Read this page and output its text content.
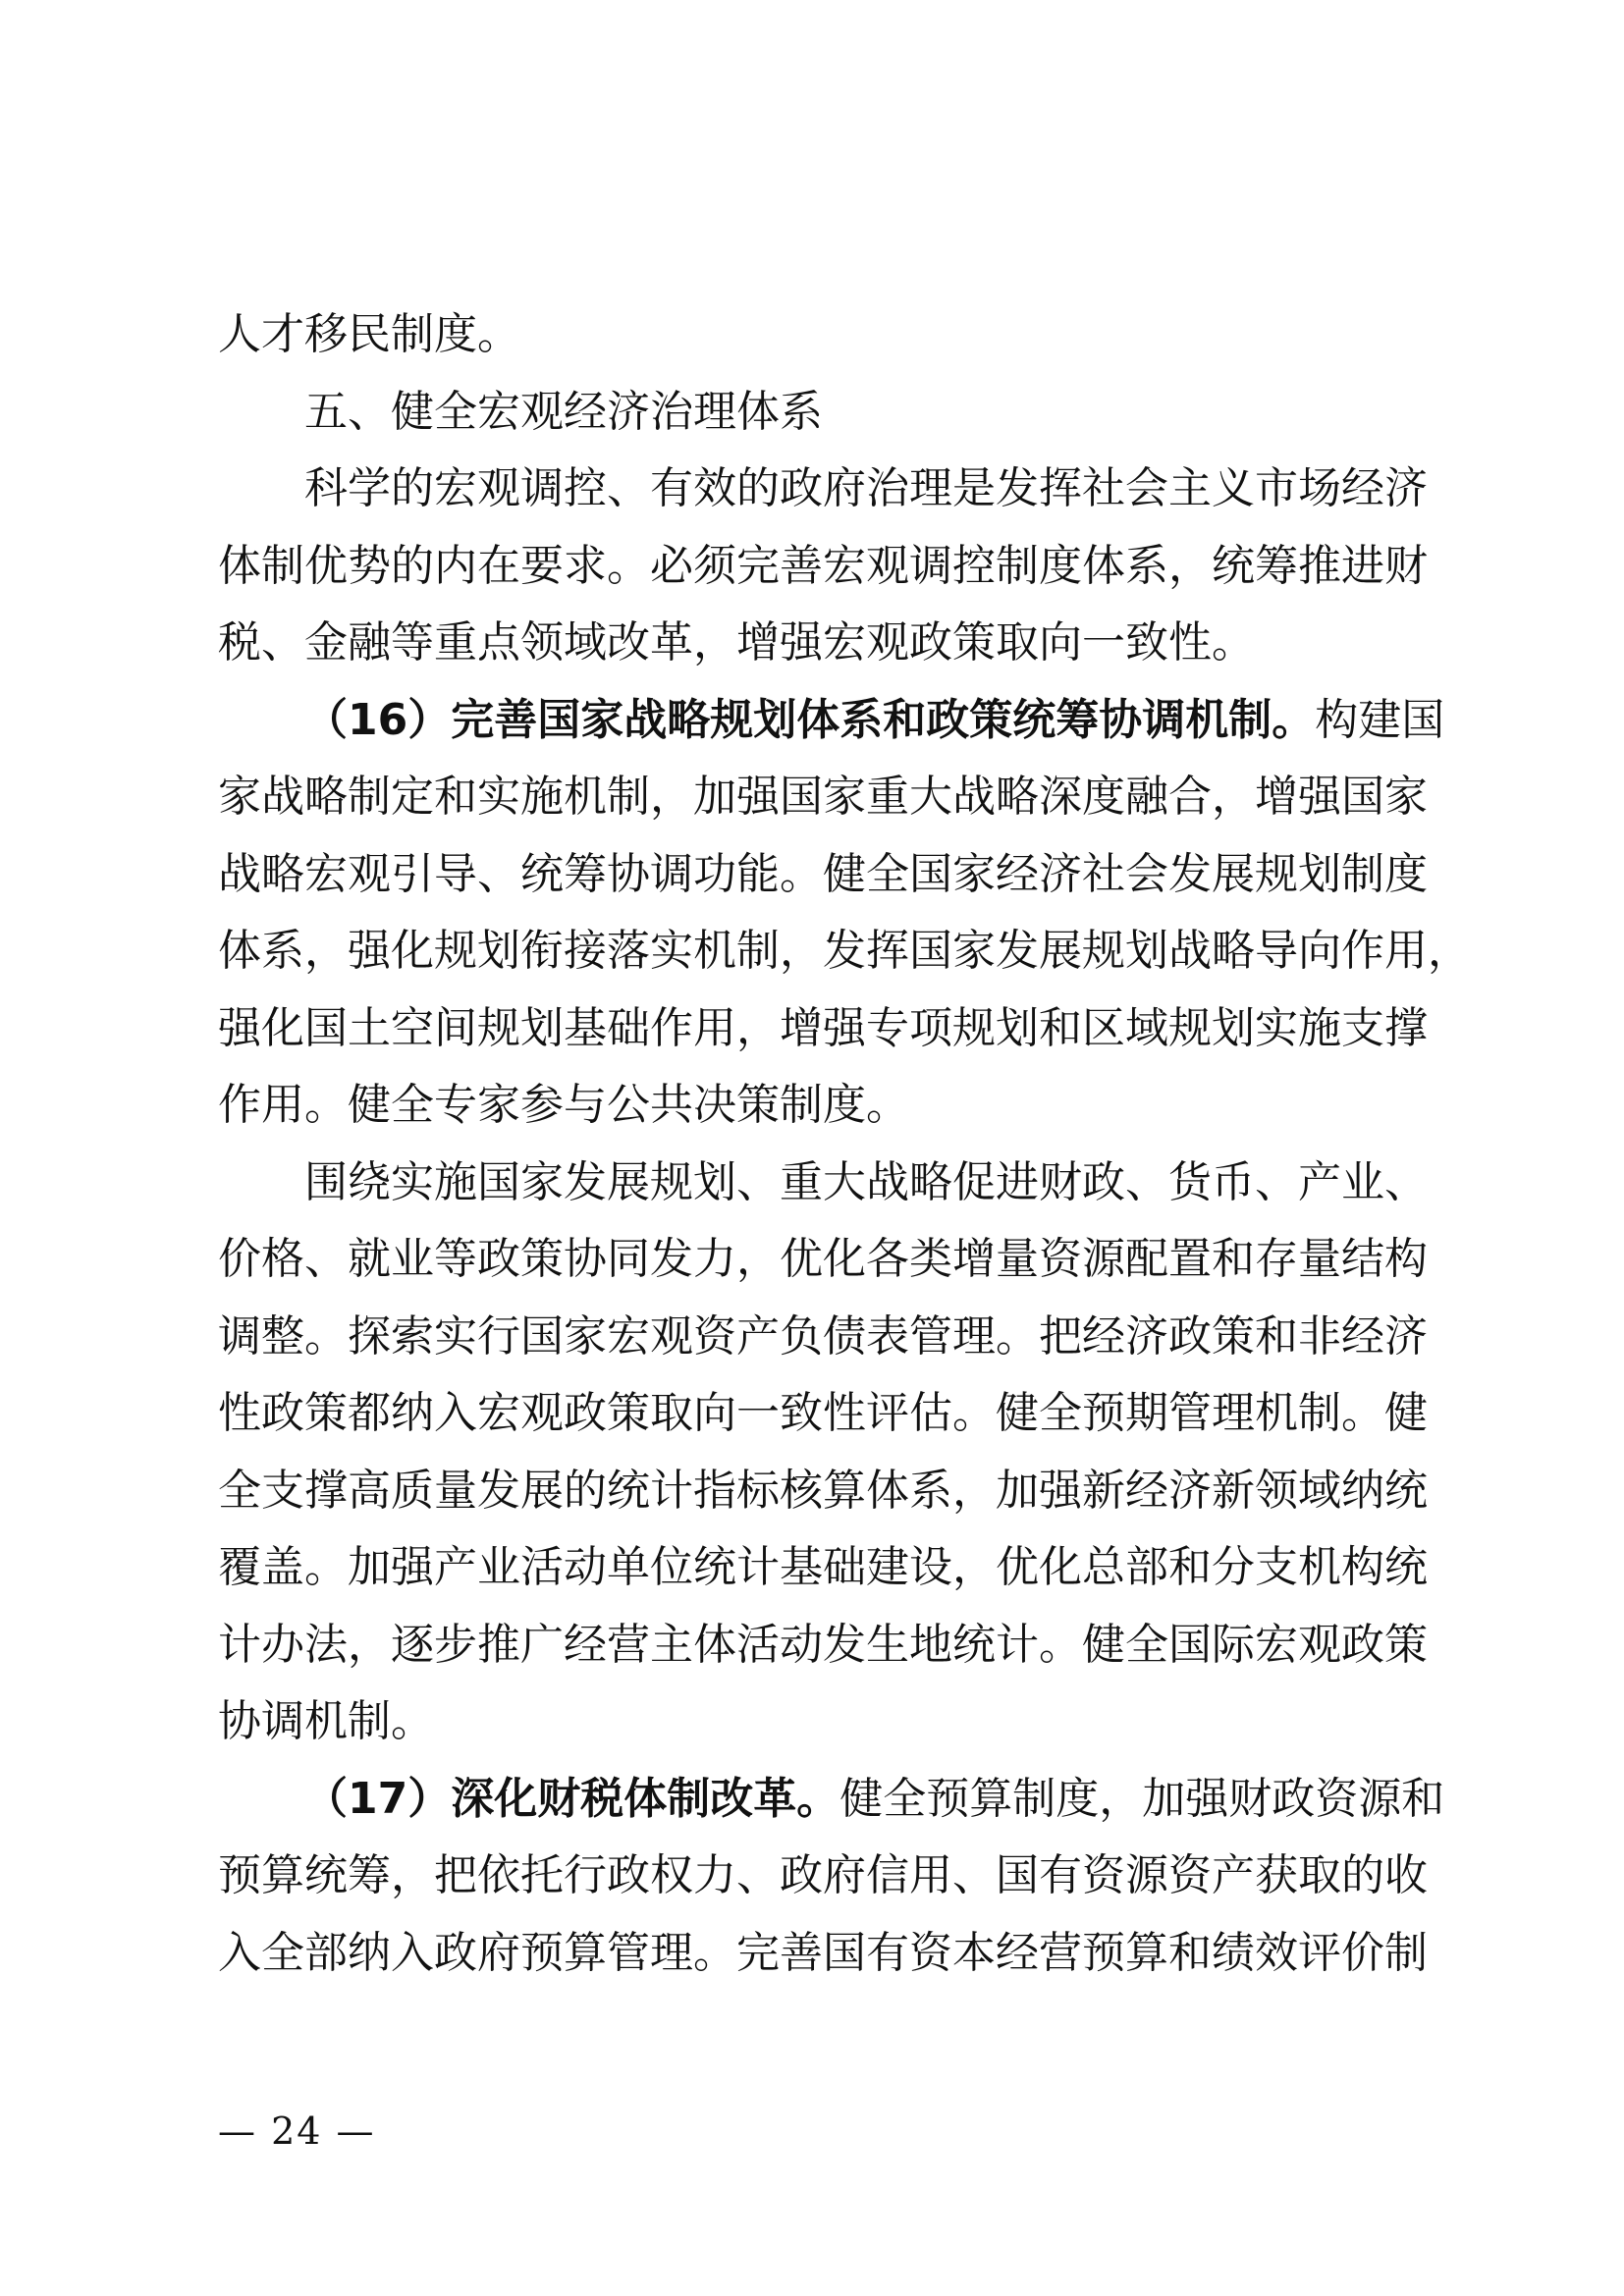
人才移民制度。
五、健全宏观经济治理体系
科学的宏观调控、有效的政府治理是发挥社会主义市场经济
体制优势的内在要求。必须完善宏观调控制度体系，统筹推进财
税、金融等重点领域改革，增强宏观政策取向一致性。
（16）完善国家战略规划体系和政策统筹协调机制。构建国
家战略制定和实施机制，加强国家重大战略深度融合，增强国家
战略宏观引导、统筹协调功能。健全国家经济社会发展规划制度
体系，强化规划衔接落实机制，发挥国家发展规划战略导向作用，
强化国土空间规划基础作用，增强专项规划和区域规划实施支撑
作用。健全专家参与公共决策制度。
围绕实施国家发展规划、重大战略促进财政、货币、产业、
价格、就业等政策协同发力，优化各类增量资源配置和存量结构
调整。探索实行国家宏观资产负债表管理。把经济政策和非经济
性政策都纳入宏观政策取向一致性评估。健全预期管理机制。健
全支撑高质量发展的统计指标核算体系，加强新经济新领域纳统
覆盖。加强产业活动单位统计基础建设，优化总部和分支机构统
计办法，逐步推广经营主体活动发生地统计。健全国际宏观政策
协调机制。
（17）深化财税体制改革。健全预算制度，加强财政资源和
预算统筹，把依托行政权力、政府信用、国有资源资产获取的收
入全部纳入政府预算管理。完善国有资本经营预算和绩效评价制
— 24 —
